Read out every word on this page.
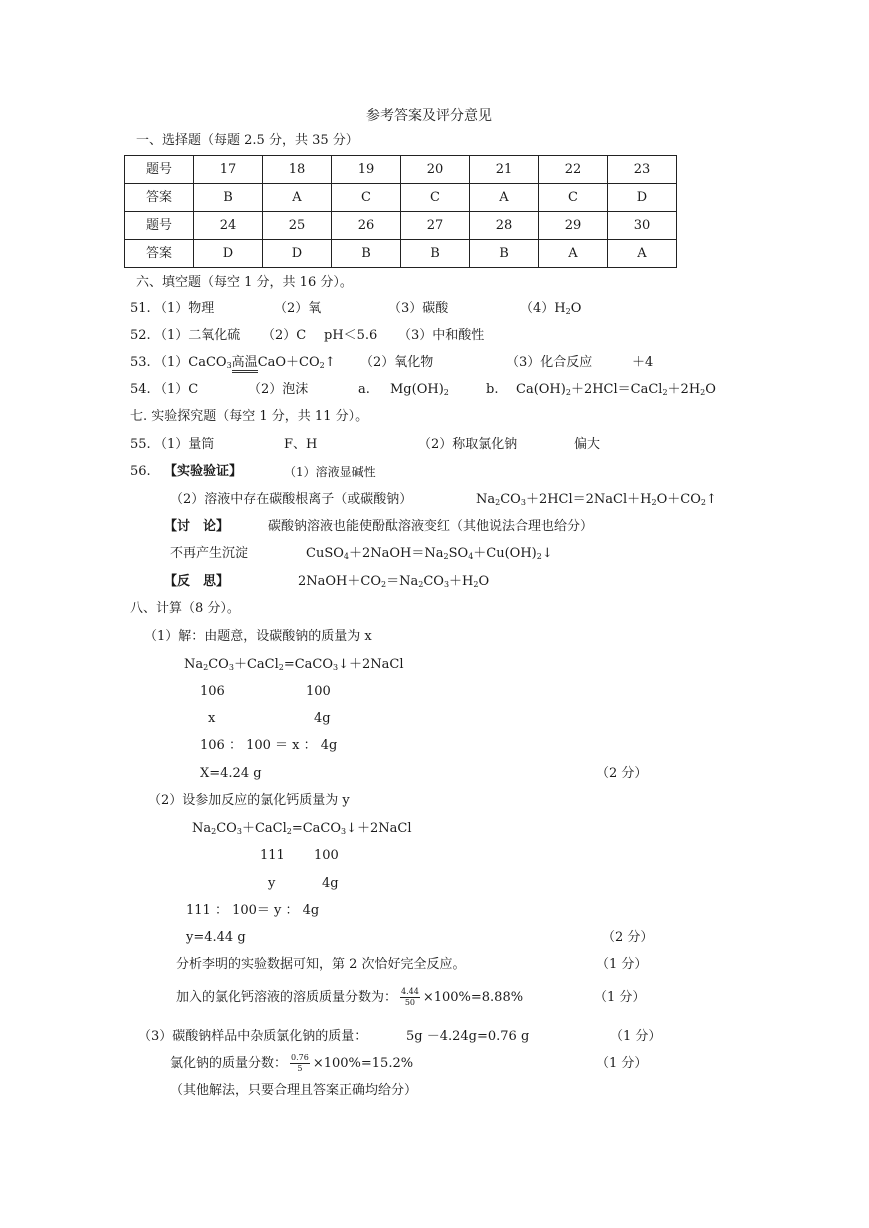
参考答案及评分意见
一、选择题（每题 2.5 分，共 35 分）
题号	17	18	19	20	21	22	23
答案	B	A	C	C	A	C	D
题号	24	25	26	27	28	29	30
答案	D	D	B	B	B	A	A
六、填空题（每空 1 分，共 16 分）。
51. （1）物理	（2）氧	（3）碳酸	$(4)H_2O$
52. （1）二氧化硫 （2）C pH＜5.6 （3）中和酸性
53. （1）CaCO$_3$高温$CaO+CO_2↑$ （2）氧化物	（3）化合反应	＋4
54. （1）C	（2）泡沫	a. $Mg(OH)_2$	b. $Ca(OH)_2+2HCl=CaCl_2+2H_2O$
七. 实验探究题（每空 1 分，共 11 分）。
55. （1）量筒	F、H	（2）称取氯化钠	偏大
56. 【实验验证】	（1）溶液显碱性
（2）溶液中存在碳酸根离子（或碳酸钠）	$Na_2CO_3+2HCl=2NaCl+H_2O+CO_2↑$
【讨　论】	碳酸钠溶液也能使酚酞溶液变红（其他说法合理也给分）
不再产生沉淀	$CuSO_4+2NaOH=Na_2SO_4+Cu(OH)_2↓$
【反　思】	$2NaOH+CO_2=Na_2CO_3+H_2O$
八、计算（8 分）。
（1）解：由题意，设碳酸钠的质量为 x
$Na_2CO_3+CaCl_2=CaCO_3↓+2NaCl$
106	100
x	4g
106 ： 100 ＝ x ： 4g
X=4.24 g	（2 分）
（2）设参加反应的氯化钙质量为 y
$Na_2CO_3+CaCl_2=CaCO_3↓+2NaCl$
111 100
y	4g
111 ： 100＝ y ： 4g
y=4.44 g	（2 分）
分析李明的实验数据可知，第 2 次恰好完全反应。	（1 分）
加入的氯化钙溶液的溶质质量分数为： $\frac{4.44}{50} \times 100\%=8.88\%$	（1 分）
（3）碳酸钠样品中杂质氯化钠的质量：	5g －4.24g=0.76 g	（1 分）
氯化钠的质量分数： $\frac{0.76}{5} \times 100\%=15.2\%$	（1 分）
（其他解法，只要合理且答案正确均给分）
